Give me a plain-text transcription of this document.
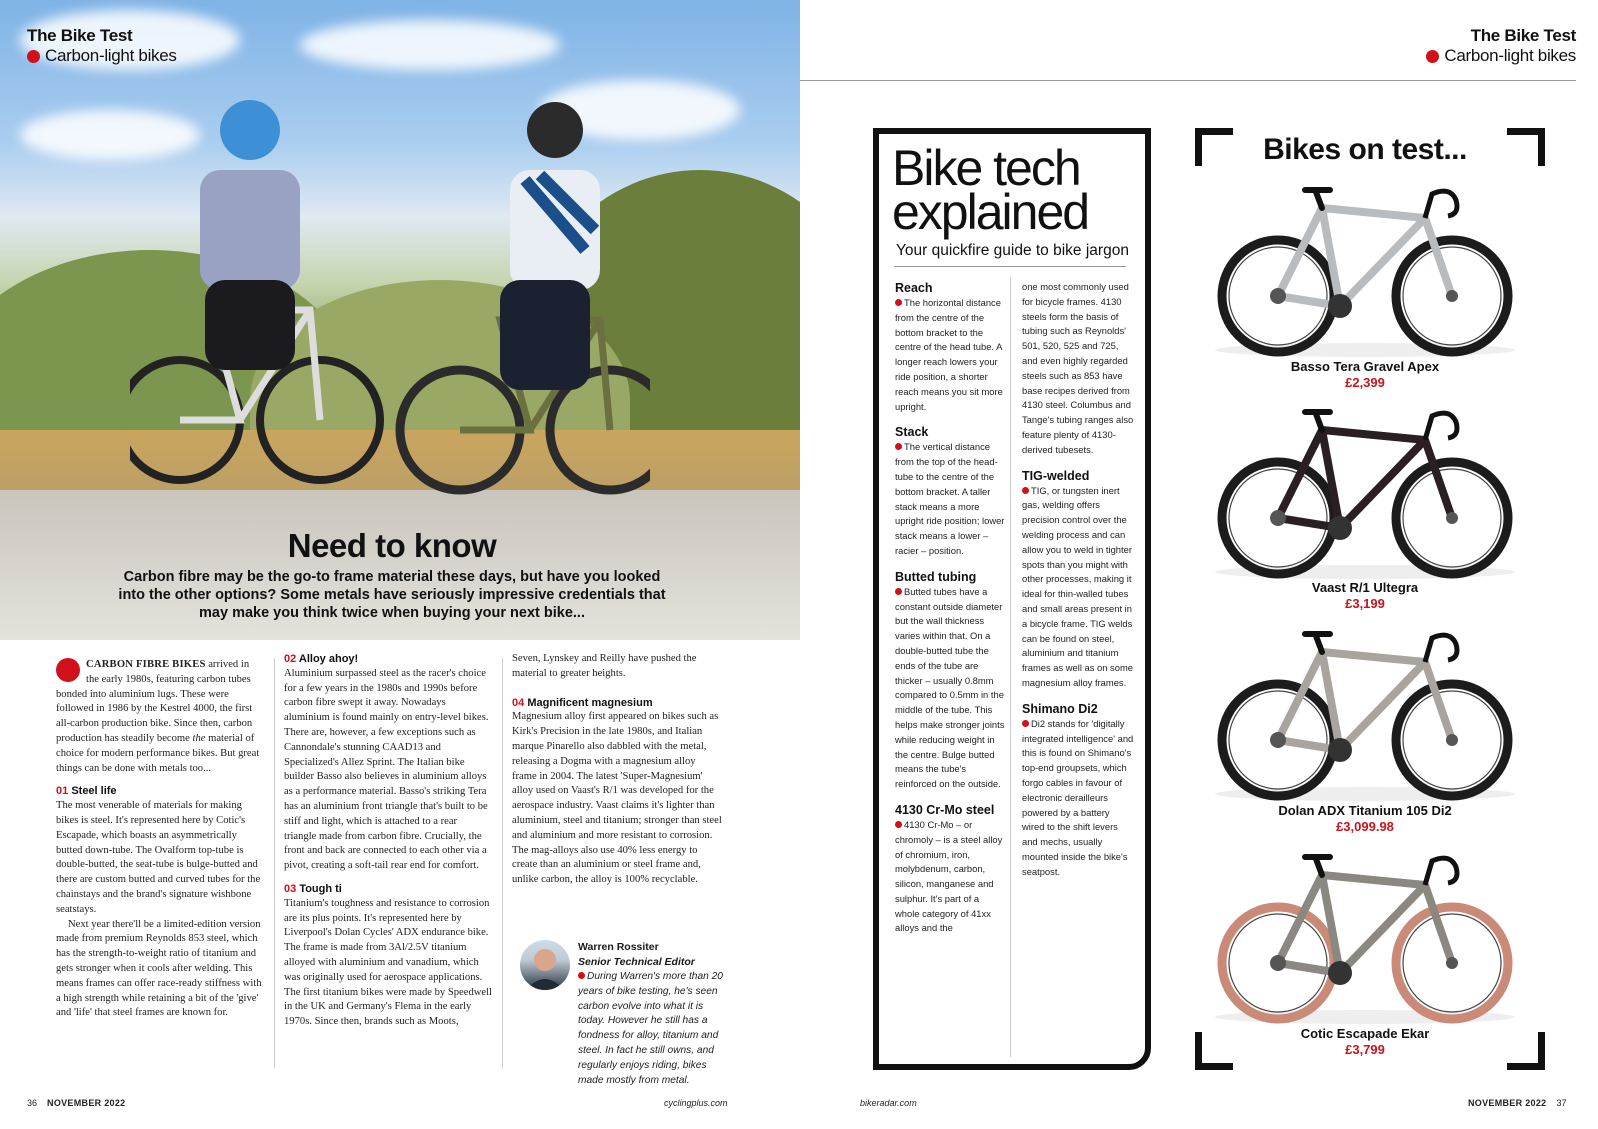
The Bike Test
Carbon-light bikes
Need to know
Carbon fibre may be the go-to frame material these days, but have you looked into the other options? Some metals have seriously impressive credentials that may make you think twice when buying your next bike...

CARBON FIBRE BIKES arrived in the early 1980s, featuring carbon tubes bonded into aluminium lugs. These were followed in 1986 by the Kestrel 4000, the first all-carbon production bike. Since then, carbon production has steadily become the material of choice for modern performance bikes. But great things can be done with metals too...

01 Steel life

The most venerable of materials for making bikes is steel. It's represented here by Cotic's Escapade, which boasts an asymmetrically butted down-tube. The Ovalform top-tube is double-butted, the seat-tube is bulge-butted and there are custom butted and curved tubes for the chainstays and the brand's signature wishbone seatstays.

Next year there'll be a limited-edition version made from premium Reynolds 853 steel, which has the strength-to-weight ratio of titanium and gets stronger when it cools after welding. This means frames can offer race-ready stiffness with a high strength while retaining a bit of the 'give' and 'life' that steel frames are known for.

02 Alloy ahoy!

Aluminium surpassed steel as the racer's choice for a few years in the 1980s and 1990s before carbon fibre swept it away. Nowadays aluminium is found mainly on entry-level bikes. There are, however, a few exceptions such as Cannondale's stunning CAAD13 and Specialized's Allez Sprint. The Italian bike builder Basso also believes in aluminium alloys as a performance material. Basso's striking Tera has an aluminium front triangle that's built to be stiff and light, which is attached to a rear triangle made from carbon fibre. Crucially, the front and back are connected to each other via a pivot, creating a soft-tail rear end for comfort.

03 Tough ti

Titanium's toughness and resistance to corrosion are its plus points. It's represented here by Liverpool's Dolan Cycles' ADX endurance bike. The frame is made from 3Al/2.5V titanium alloyed with aluminium and vanadium, which was originally used for aerospace applications. The first titanium bikes were made by Speedwell in the UK and Germany's Flema in the early 1970s. Since then, brands such as Moots,

Seven, Lynskey and Reilly have pushed the material to greater heights.

04 Magnificent magnesium

Magnesium alloy first appeared on bikes such as Kirk's Precision in the late 1980s, and Italian marque Pinarello also dabbled with the metal, releasing a Dogma with a magnesium alloy frame in 2004. The latest 'Super-Magnesium' alloy used on Vaast's R/1 was developed for the aerospace industry. Vaast claims it's lighter than aluminium, steel and titanium; stronger than steel and aluminium and more resistant to corrosion. The mag-alloys also use 40% less energy to create than an aluminium or steel frame and, unlike carbon, the alloy is 100% recyclable.

Warren Rossiter
Senior Technical Editor
During Warren's more than 20 years of bike testing, he's seen carbon evolve into what it is today. However he still has a fondness for alloy, titanium and steel. In fact he still owns, and regularly enjoys riding, bikes made mostly from metal.
36 NOVEMBER 2022	cyclingplus.com
The Bike Test
Carbon-light bikes
Bike tech
explained
Your quickfire guide to bike jargon
Reach
The horizontal distance from the centre of the bottom bracket to the centre of the head tube. A longer reach lowers your ride position, a shorter reach means you sit more upright.
Stack
The vertical distance from the top of the head-tube to the centre of the bottom bracket. A taller stack means a more upright ride position; lower stack means a lower – racier – position.
Butted tubing
Butted tubes have a constant outside diameter but the wall thickness varies within that. On a double-butted tube the ends of the tube are thicker – usually 0.8mm compared to 0.5mm in the middle of the tube. This helps make stronger joints while reducing weight in the centre. Bulge butted means the tube's reinforced on the outside.
4130 Cr-Mo steel
4130 Cr-Mo – or chromoly – is a steel alloy of chromium, iron, molybdenum, carbon, silicon, manganese and sulphur. It's part of a whole category of 41xx alloys and the
one most commonly used for bicycle frames. 4130 steels form the basis of tubing such as Reynolds' 501, 520, 525 and 725, and even highly regarded steels such as 853 have base recipes derived from 4130 steel. Columbus and Tange's tubing ranges also feature plenty of 4130-derived tubesets.
TIG-welded
TIG, or tungsten inert gas, welding offers precision control over the welding process and can allow you to weld in tighter spots than you might with other processes, making it ideal for thin-walled tubes and small areas present in a bicycle frame. TIG welds can be found on steel, aluminium and titanium frames as well as on some magnesium alloy frames.
Shimano Di2
Di2 stands for 'digitally integrated intelligence' and this is found on Shimano's top-end groupsets, which forgo cables in favour of electronic derailleurs powered by a battery wired to the shift levers and mechs, usually mounted inside the bike's seatpost.
Bikes on test...
Basso Tera Gravel Apex
£2,399
Vaast R/1 Ultegra
£3,199
Dolan ADX Titanium 105 Di2
£3,099.98
Cotic Escapade Ekar
£3,799
bikeradar.com	NOVEMBER 2022 37
